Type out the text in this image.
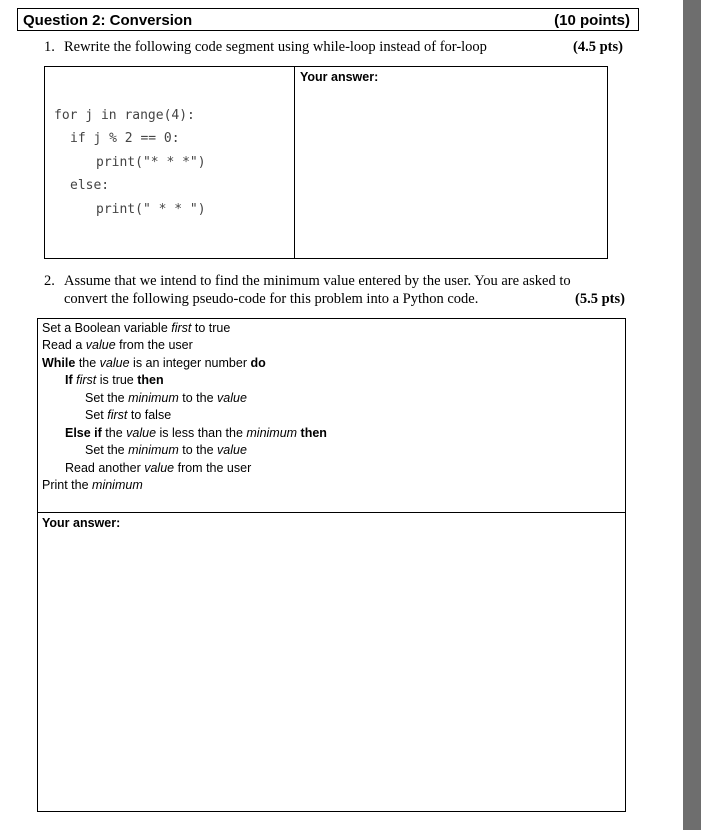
Question 2: Conversion	(10 points)
1. Rewrite the following code segment using while-loop instead of for-loop	(4.5 pts)
for j in range(4):
if j % 2 == 0:
print("* * *")
else:
print(" * * ")
Your answer:
2. Assume that we intend to find the minimum value entered by the user. You are asked to
convert the following pseudo-code for this problem into a Python code.	(5.5 pts)
Set a Boolean variable first to true
Read a value from the user
While the value is an integer number do
If first is true then
Set the minimum to the value
Set first to false
Else if the value is less than the minimum then
Set the minimum to the value
Read another value from the user
Print the minimum
Your answer:
